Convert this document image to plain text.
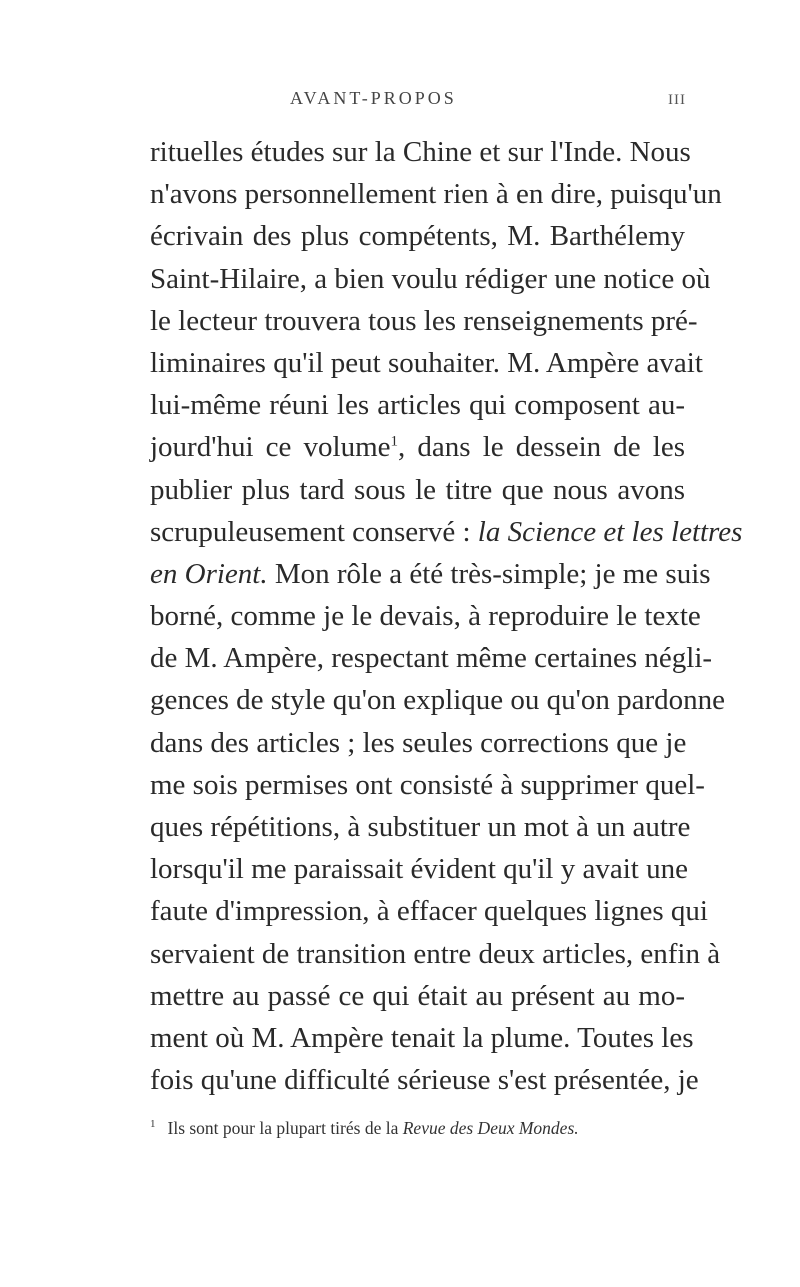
AVANT-PROPOS	III
rituelles études sur la Chine et sur l'Inde. Nous
n'avons personnellement rien à en dire, puisqu'un
écrivain des plus compétents, M. Barthélemy
Saint-Hilaire, a bien voulu rédiger une notice où
le lecteur trouvera tous les renseignements pré-
liminaires qu'il peut souhaiter. M. Ampère avait
lui-même réuni les articles qui composent au-
jourd'hui ce volume$^1$, dans le dessein de les
publier plus tard sous le titre que nous avons
scrupuleusement conservé : la Science et les lettres
en Orient. Mon rôle a été très-simple; je me suis
borné, comme je le devais, à reproduire le texte
de M. Ampère, respectant même certaines négli-
gences de style qu'on explique ou qu'on pardonne
dans des articles ; les seules corrections que je
me sois permises ont consisté à supprimer quel-
ques répétitions, à substituer un mot à un autre
lorsqu'il me paraissait évident qu'il y avait une
faute d'impression, à effacer quelques lignes qui
servaient de transition entre deux articles, enfin à
mettre au passé ce qui était au présent au mo-
ment où M. Ampère tenait la plume. Toutes les
fois qu'une difficulté sérieuse s'est présentée, je
$^1$ Ils sont pour la plupart tirés de la Revue des Deux Mondes.
